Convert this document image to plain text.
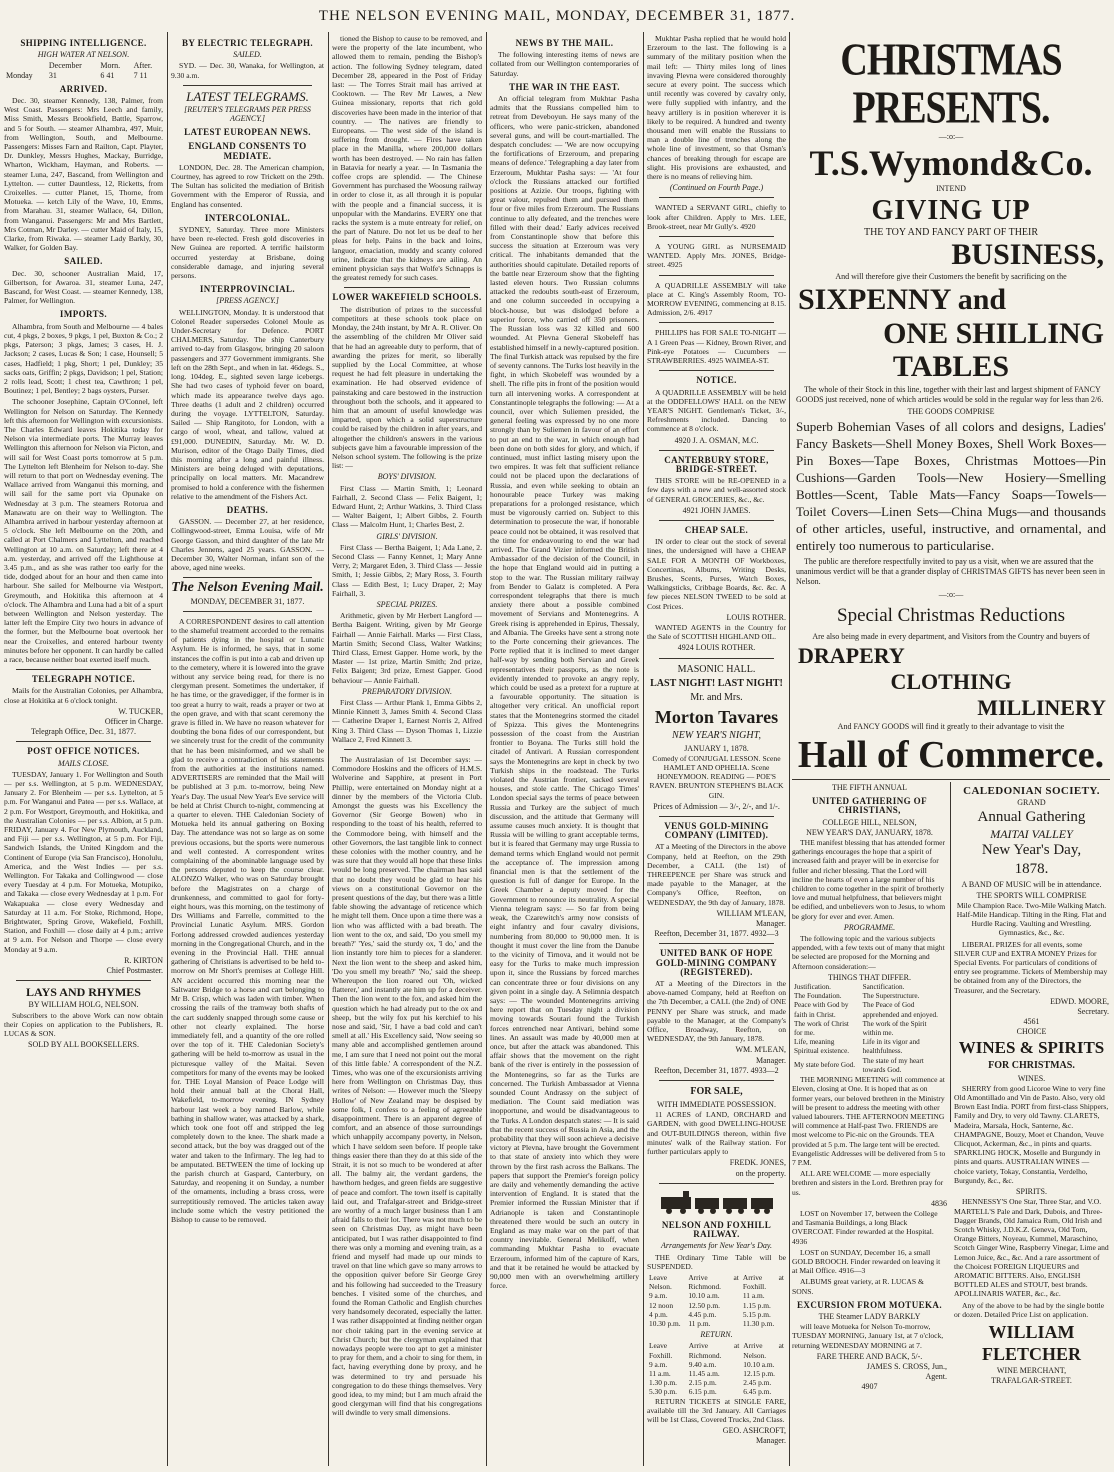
THE NELSON EVENING MAIL, MONDAY, DECEMBER 31, 1877.
SHIPPING INTELLIGENCE.
HIGH WATER AT NELSON.
	December	Morn.	After.
Monday	31	6 41	7 11
ARRIVED.

Dec. 30, steamer Kennedy, 138, Palmer, from West Coast. Passengers: Mrs Leech and family, Miss Smith, Messrs Brookfield, Battle, Sparrow, and 5 for South. — steamer Alhambra, 497, Muir, from Wellington, South, and Melbourne. Passengers: Misses Farn and Railton, Capt. Playter, Dr. Dunkley, Messrs Hughes, Mackay, Burridge, Wharton, Wickham, Hayman, and Roberts. — steamer Luna, 247, Bascand, from Wellington and Lyttelton. — cutter Dauntless, 12, Ricketts, from Croixelles. — cutter Planet, 15, Thorne, from Motueka. — ketch Lily of the Wave, 10, Emms, from Marahau. 31, steamer Wallace, 64, Dillon, from Wanganui. Passengers: Mr and Mrs Bartlett, Mrs Cotman, Mr Darley. — cutter Maid of Italy, 15, Clarke, from Riwaka. — steamer Lady Barkly, 30, Walker, for Golden Bay.

SAILED.

Dec. 30, schooner Australian Maid, 17, Gilbertson, for Awaroa. 31, steamer Luna, 247, Bascand, for West Coast. — steamer Kennedy, 138, Palmer, for Wellington.

IMPORTS.

Alhambra, from South and Melbourne — 4 bales cut, 4 pkgs, 2 boxes, 9 pkgs, 1 pel, Buxton & Co.; 2 pkgs, Paterson; 3 pkgs, James; 3 cases, H. J. Jackson; 2 cases, Lucas & Son; 1 case, Hounsell; 5 cases, Hadfield; 1 pkg, Short; 1 pel, Dunkley; 35 sacks oats, Griffin; 2 pkgs, Davidson; 1 pel, Station; 2 rolls lead, Scott; 1 chest tea, Cawthron; 1 pel, Boutinez; 1 pel, Bentley; 2 bags oysters, Purser.

The schooner Josephine, Captain O'Connel, left Wellington for Nelson on Saturday. The Kennedy left this afternoon for Wellington with excursionists. The Charles Edward leaves Hokitika today for Nelson via intermediate ports. The Murray leaves Wellington this afternoon for Nelson via Picton, and will sail for West Coast ports tomorrow at 5 p.m. The Lyttelton left Blenheim for Nelson to-day. She will return to that port on Wednesday evening. The Wallace arrived from Wanganui this morning, and will sail for the same port via Opunake on Wednesday at 3 p.m. The steamers Rotorua and Manawatu are on their way to Wellington. The Alhambra arrived in harbour yesterday afternoon at 5 o'clock. She left Melbourne on the 20th, and called at Port Chalmers and Lyttelton, and reached Wellington at 10 a.m. on Saturday; left there at 4 a.m. yesterday, and arrived off the Lighthouse at 3.45 p.m., and as she was rather too early for the tide, dodged about for an hour and then came into harbour. She sailed for Melbourne via Westport, Greymouth, and Hokitika this afternoon at 4 o'clock. The Alhambra and Luna had a bit of a spurt between Wellington and Nelson yesterday. The latter left the Empire City two hours in advance of the former, but the Melbourne boat overtook her near the Croixelles, and entered harbour twenty minutes before her opponent. It can hardly be called a race, because neither boat exerted itself much.

TELEGRAPH NOTICE.

Mails for the Australian Colonies, per Alhambra, close at Hokitika at 6 o'clock tonight.

W. TUCKER,
Officer in Charge.
Telegraph Office, Dec. 31, 1877.
POST OFFICE NOTICES.
MAILS CLOSE.

TUESDAY, January 1. For Wellington and South — per s.s. Wellington, at 5 p.m. WEDNESDAY, January 2. For Blenheim — per s.s. Lyttelton, at 5 p.m. For Wanganui and Patea — per s.s. Wallace, at 2 p.m. For Westport, Greymouth, and Hokitika, and the Australian Colonies — per s.s. Albion, at 5 p.m. FRIDAY, January 4. For New Plymouth, Auckland, and Fiji — per s.s. Wellington, at 5 p.m. For Fiji, Sandwich Islands, the United Kingdom and the Continent of Europe (via San Francisco), Honolulu, America, and the West Indies — per s.s. Wellington. For Takaka and Collingwood — close every Tuesday at 4 p.m. For Motueka, Motupiko, and Takaka — close every Wednesday at 1 p.m. For Wakapuaka — close every Wednesday and Saturday at 11 a.m. For Stoke, Richmond, Hope, Brightwater, Spring Grove, Wakefield, Foxhill, Station, and Foxhill — close daily at 4 p.m.; arrive at 9 a.m. For Nelson and Thorpe — close every Monday at 9 a.m.

R. KIRTON
Chief Postmaster.
LAYS AND RHYMES
BY WILLIAM HOLG, NELSON.

Subscribers to the above Work can now obtain their Copies on application to the Publishers, R. LUCAS & SON.

SOLD BY ALL BOOKSELLERS.
BY ELECTRIC TELEGRAPH.
SAILED.

SYD. — Dec. 30, Wanaka, for Wellington, at 9.30 a.m.

LATEST TELEGRAMS.
[REUTER'S TELEGRAMS PER PRESS AGENCY.]
LATEST EUROPEAN NEWS.
ENGLAND CONSENTS TO MEDIATE.

LONDON, Dec. 28. The American champion, Courtney, has agreed to row Trickett on the 29th. The Sultan has solicited the mediation of British Government with the Emperor of Russia, and England has consented.

INTERCOLONIAL.

SYDNEY, Saturday. Three more Ministers have been re-elected. Fresh gold discoveries in New Guinea are reported. A terrific hailstorm occurred yesterday at Brisbane, doing considerable damage, and injuring several persons.

INTERPROVINCIAL.
[PRESS AGENCY.]

WELLINGTON, Monday. It is understood that Colonel Reader supersedes Colonel Moule as Under-Secretary for Defence. PORT CHALMERS, Saturday. The ship Canterbury arrived to-day from Glasgow, bringing 20 saloon passengers and 377 Government immigrants. She left on the 28th Sept., and when in lat. 46degs. S., long. 104deg. E., sighted seven large icebergs. She had two cases of typhoid fever on board, which made its appearance twelve days ago. Three deaths (1 adult and 2 children) occurred during the voyage. LYTTELTON, Saturday. Sailed — Ship Rangitoto, for London, with a cargo of wool, wheat, and tallow, valued at £91,000. DUNEDIN, Saturday. Mr. W. D. Murison, editor of the Otago Daily Times, died this morning after a long and painful illness. Ministers are being deluged with deputations, principally on local matters. Mr. Macandrew promised to hold a conference with the fishermen relative to the amendment of the Fishers Act.

DEATHS.

GASSON. — December 27, at her residence, Collingwood-street, Emma Louisa, wife of Mr George Gasson, and third daughter of the late Mr Charles Jennens, aged 25 years. GASSON. — December 30, Walter Norman, infant son of the above, aged nine weeks.

The Nelson Evening Mail.
MONDAY, DECEMBER 31, 1877.

A CORRESPONDENT desires to call attention to the shameful treatment accorded to the remains of patients dying in the hospital or Lunatic Asylum. He is informed, he says, that in some instances the coffin is put into a cab and driven up to the cemetery, where it is lowered into the grave without any service being read, for there is no clergyman present. Sometimes the undertaker, if he has time, or the gravedigger, if the former is in too great a hurry to wait, reads a prayer or two at the open grave, and with that scant ceremony the grave is filled in. We have no reason whatever for doubting the bona fides of our correspondent, but we sincerely trust for the credit of the community that he has been misinformed, and we shall be glad to receive a contradiction of his statements from the authorities at the institutions named. ADVERTISERS are reminded that the Mail will be published at 3 p.m. to-morrow, being New Year's Day. The usual New Year's Eve service will be held at Christ Church to-night, commencing at a quarter to eleven. THE Caledonian Society of Motueka held its annual gathering on Boxing Day. The attendance was not so large as on some previous occasions, but the sports were numerous and well contested. A correspondent writes complaining of the abominable language used by the persons deputed to keep the course clear. ALONZO Walker, who was on Saturday brought before the Magistrates on a charge of drunkenness, and committed to gaol for forty-eight hours, was this morning, on the testimony of Drs Williams and Farrelle, committed to the Provincial Lunatic Asylum. MRS. Gordon Forlong addressed crowded audiences yesterday morning in the Congregational Church, and in the evening in the Provincial Hall. THE annual gathering of Christians is advertised to be held to-morrow on Mr Short's premises at College Hill. AN accident occurred this morning near the Saltwater Bridge to a horse and cart belonging to Mr B. Crisp, which was laden with timber. When crossing the rails of the tramway both shafts of the cart suddenly snapped through some cause or other not clearly explained. The horse immediately fell, and a quantity of the ore rolled over the top of it. THE Caledonian Society's gathering will be held to-morrow as usual in the picturesque valley of the Maitai. Seven competitors for many of the events may be looked for. THE Loyal Mansion of Peace Lodge will hold their annual ball at the Choral Hall, Wakefield, to-morrow evening. IN Sydney harbour last week a boy named Barlow, while bathing in shallow water, was attacked by a shark, which took one foot off and stripped the leg completely down to the knee. The shark made a second attack, but the boy was dragged out of the water and taken to the Infirmary. The leg had to be amputated. BETWEEN the time of locking up the parish church at Gaspard, Canterbury, on Saturday, and reopening it on Sunday, a number of the ornaments, including a brass cross, were surreptitiously removed. The articles taken away include some which the vestry petitioned the Bishop to cause to be removed.

tioned the Bishop to cause to be removed, and were the property of the late incumbent, who allowed them to remain, pending the Bishop's action. The following Sydney telegram, dated December 28, appeared in the Post of Friday last: — The Torres Strait mail has arrived at Cooktown. — The Rev Mr Lawes, a New Guinea missionary, reports that rich gold discoveries have been made in the interior of that country. — The natives are friendly to Europeans. — The west side of the island is suffering from drought. — Fires have taken place in the Manilla, where 200,000 dollars worth has been destroyed. — No rain has fallen in Batavia for nearly a year. — In Tasmania the coffee crops are splendid. — The Chinese Government has purchased the Woosung railway in order to close it, as all through it is popular with the people and a financial success, it is unpopular with the Mandarins. EVERY one that racks the system is a mute entreaty for relief, on the part of Nature. Do not let us be deaf to her pleas for help. Pains in the back and loins, languor, emaciation, muddy and scanty colored urine, indicate that the kidneys are ailing. An eminent physician says that Wolfe's Schnapps is the greatest remedy for such cases.

LOWER WAKEFIELD SCHOOLS.

The distribution of prizes to the successful competitors at these schools took place on Monday, the 24th instant, by Mr A. R. Oliver. On the assembling of the children Mr Oliver said that he had an agreeable duty to perform, that of awarding the prizes for merit, so liberally supplied by the Local Committee, at whose request he had felt pleasure in undertaking the examination. He had observed evidence of painstaking and care bestowed in the instruction throughout both the schools, and it appeared to him that an amount of useful knowledge was imparted, upon which a solid superstructure could be raised by the children in after years, and altogether the children's answers in the various subjects gave him a favourable impression of the Nelson school system. The following is the prize list: —

BOYS' DIVISION.

First Class — Martin Smith, 1; Leonard Fairhall, 2. Second Class — Felix Baigent, 1; Edward Hunt, 2; Arthur Watkins, 3. Third Class — Walter Baigent, 1; Albert Gibbs, 2. Fourth Class — Malcolm Hunt, 1; Charles Best, 2.

GIRLS' DIVISION.

First Class — Bertha Baigent, 1; Ada Lane, 2. Second Class — Fanny Kennet, 1; Mary Anne Verry, 2; Margaret Eden, 3. Third Class — Jessie Smith, 1; Jessie Gibbs, 2; Mary Ross, 3. Fourth Class — Edith Best, 1; Lucy Draper, 2; May Fairhall, 3.

SPECIAL PRIZES.

Arithmetic, given by Mr Herbert Langford — Bertha Baigent. Writing, given by Mr George Fairhall — Annie Fairhall. Marks — First Class, Martin Smith; Second Class, Walter Watkins; Third Class, Ernest Gapper. Home work, by the Master — 1st prize, Martin Smith; 2nd prize, Felix Baigent; 3rd prize, Ernest Gapper. Good behaviour — Annie Fairhall.

PREPARATORY DIVISION.

First Class — Arthur Plank 1, Emma Gibbs 2, Minnie Kinnett 3, James Smith 4. Second Class — Catherine Draper 1, Earnest Norris 2, Alfred King 3. Third Class — Dyson Thomas 1, Lizzie Wallace 2, Fred Kinnett 3.

The Australasian of 1st December says: — Commodore Hoskins and the officers of H.M.S. Wolverine and Sapphire, at present in Port Phillip, were entertained on Monday night at a dinner by the members of the Victoria Club. Amongst the guests was his Excellency the Governor (Sir George Bowen) who in responding to the toast of his health, referred to the Commodore being, with himself and the other Governors, the last tangible link to connect these colonies with the mother country, and he was sure that they would all hope that these links would be long preserved. The chairman has said that no doubt they would be glad to hear his views on a constitutional Governor on the present questions of the day, but there was a little fable showing the advantage of reticence which he might tell them. Once upon a time there was a lion who was afflicted with a bad breath. The lion went to the ox, and said, 'Do you smell my breath?' 'Yes,' said the sturdy ox, 'I do,' and the lion instantly tore him to pieces for a slanderer. Next the lion went to the sheep and asked him, 'Do you smell my breath?' 'No,' said the sheep. Whereupon the lion roared out 'Oh, wicked flatterer,' and instantly ate him up for a deceiver. Then the lion went to the fox, and asked him the question which he had already put to the ox and sheep, but the wily fox put his kerchief to his nose and said, 'Sir, I have a bad cold and can't smell at all.' His Excellency said, 'Now seeing so many able and accomplished gentlemen around me, I am sure that I need not point out the moral of this little fable.' A correspondent of the N.Z. Times, who was one of the excursionists arriving here from Wellington on Christmas Day, thus writes of Nelson: — However much the 'Sleepy Hollow' of New Zealand may be despised by some folk, I confess to a feeling of agreeable disappointment. There is an apparent degree of comfort, and an absence of those surroundings which unhappily accompany poverty, in Nelson, which I have seldom seen before. If people take things easier there than they do at this side of the Strait, it is not so much to be wondered at after all. The balmy air, the verdant gardens, the hawthorn hedges, and green fields are suggestive of peace and comfort. The town itself is capitally laid out, and Trafalgar-street and Bridge-street are worthy of a much larger business than I am afraid falls to their lot. There was not much to be seen on Christmas Day, as might have been anticipated, but I was rather disappointed to find there was only a morning and evening train, as a friend and myself had made up our minds to travel on that line which gave so many arrows to the opposition quiver before Sir George Grey and his following had succeeded to the Treasury benches. I visited some of the churches, and found the Roman Catholic and English churches very handsomely decorated, especially the latter. I was rather disappointed at finding neither organ nor choir taking part in the evening service at Christ Church; but the clergyman explained that nowadays people were too apt to get a minister to pray for them, and a choir to sing for them, in fact, having everything done by proxy, and he was determined to try and persuade his congregation to do these things themselves. Very good idea, to my mind; but I am much afraid the good clergyman will find that his congregations will dwindle to very small dimensions.

NEWS BY THE MAIL.

The following interesting items of news are collated from our Wellington contemporaries of Saturday.

THE WAR IN THE EAST.

An official telegram from Mukhtar Pasha admits that the Russians compelled him to retreat from Deveboyun. He says many of the officers, who were panic-stricken, abandoned several guns, and will be court-martialled. The despatch concludes: — 'We are now occupying the fortifications of Erzeroum, and preparing means of defence.' Telegraphing a day later from Erzeroum, Mukhtar Pasha says: — 'At four o'clock the Russians attacked our fortified positions at Azizie. Our troops, fighting with great valour, repulsed them and pursued them four or five miles from Erzeroum. The Russians continue to ally defeated, and the trenches were filled with their dead.' Early advices received from Constantinople show that before this success the situation at Erzeroum was very critical. The inhabitants demanded that the authorities should capitulate. Detailed reports of the battle near Erzeroum show that the fighting lasted eleven hours. Two Russian columns attacked the redoubts south-east of Erzeroum, and one column succeeded in occupying a block-house, but was dislodged before a superior force, who carried off 350 prisoners. The Russian loss was 32 killed and 600 wounded. At Plevna General Skobeleff has established himself in a newly-captured position. The final Turkish attack was repulsed by the fire of seventy cannons. The Turks lost heavily in the fight, in which Skobeleff was wounded by a shell. The rifle pits in front of the position would turn all intervening works. A correspondent at Constantinople telegraphs the following: — At a council, over which Suliemen presided, the general feeling was expressed by no one more strongly than by Suliemen in favour of an effort to put an end to the war, in which enough had been done on both sides for glory, and which, if continued, must inflict lasting misery upon the two empires. It was felt that sufficient reliance could not be placed upon the declarations of Russia, and even while seeking to obtain an honourable peace Turkey was making preparations for a prolonged resistance, which must be vigorously carried on. Subject to this determination to prosecute the war, if honorable peace could not be obtained, it was resolved that the time for endeavouring to end the war had arrived. The Grand Vizier informed the British Ambassador of the decision of the Council, in the hope that England would aid in putting a stop to the war. The Russian military railway from Bender to Galatz is completed. A Pera correspondent telegraphs that there is much anxiety there about a possible combined movement of Servians and Montenegrins. A Greek rising is apprehended in Epirus, Thessaly, and Albania. The Greeks have sent a strong note to the Porte concerning their grievances. The Porte replied that it is inclined to meet danger half-way by sending both Servian and Greek representatives their passports, as the note is evidently intended to provoke an angry reply, which could be used as a pretext for a rupture at a favourable opportunity. The situation is altogether very critical. An unofficial report states that the Montenegrins stormed the citadel of Spizza. This gives the Montenegrins possession of the coast from the Austrian frontier to Boyana. The Turks still hold the citadel of Antivari. A Russian correspondent says the Montenegrins are kept in check by two Turkish ships in the roadstead. The Turks violated the Austrian frontier, sacked several houses, and stole cattle. The Chicago Times' London special says the terms of peace between Russia and Turkey are the subject of much discussion, and the attitude that Germany will assume causes much anxiety. It is thought that Russia will be willing to grant acceptable terms, but it is feared that Germany may urge Russia to demand terms which England would not permit the acceptance of. The impression among financial men is that the settlement of the question is full of danger for Europe. In the Greek Chamber a deputy moved for the Government to renounce its neutrality. A special Vienna telegram says: — So far from being weak, the Czarewitch's army now consists of eight infantry and four cavalry divisions, numbering from 80,000 to 90,000 men. It is thought it must cover the line from the Danube to the vicinity of Tirnova, and it would not be easy for the Turks to make much impression upon it, since the Russians by forced marches can concentrate three or four divisions on any given point in a single day. A Selimnia despatch says: — The wounded Montenegrins arriving here report that on Tuesday night a division moving towards Soutari found the Turkish forces entrenched near Antivari, behind some lines. An assault was made by 40,000 men at once, but after the attack was abandoned. This affair shows that the movement on the right bank of the river is entirely in the possession of the Montenegrins, so far as the Turks are concerned. The Turkish Ambassador at Vienna sounded Count Andrassy on the subject of mediation. The Count said mediation was inopportune, and would be disadvantageous to the Turks. A London despatch states: — It is said that the recent success of Russia in Asia, and the probability that they will soon achieve a decisive victory at Plevna, have brought the Government to that state of anxiety into which they were thrown by the first rash across the Balkans. The papers that support the Premier's foreign policy are daily and vehemently demanding the active intervention of England. It is stated that the Premier informed the Russian Minister that if Adrianople is taken and Constantinople threatened there would be such an outcry in England as may make war on the part of that country inevitable. General Melikoff, when commanding Mukhtar Pasha to evacuate Erzeroum, informed him of the capture of Kars, and that it be retained he would be attacked by 90,000 men with an overwhelming artillery force.

Mukhtar Pasha replied that he would hold Erzeroum to the last. The following is a summary of the military position when the mail left: — Thirty miles long of lines invaving Plevna were considered thoroughly secure at every point. The success which until recently was covered by cavalry only, were fully supplied with infantry, and the heavy artillery is in position wherever it is likely to be required. A hundred and twenty thousand men will enable the Russians to man a double line of trenches along the whole line of investment, so that Osman's chances of breaking through for escape are slight. His provisions are exhausted, and there is no means of relieving him.

(Continued on Fourth Page.)

WANTED a SERVANT GIRL, chiefly to look after Children. Apply to Mrs. LEE, Brook-street, near Mr Gully's. 4920

A YOUNG GIRL as NURSEMAID WANTED. Apply Mrs. JONES, Bridge-street. 4925

A QUADRILLE ASSEMBLY will take place at C. King's Assembly Room, TO-MORROW EVENING, commencing at 8.15. Admission, 2/6. 4917

PHILLIPS has FOR SALE TO-NIGHT — A 1 Green Peas — Kidney, Brown River, and Pink-eye Potatoes — Cucumbers — STRAWBERRIES. 4925 WAIMEA-ST.

NOTICE.

A QUADRILLE ASSEMBLY will be held at the ODDFELLOWS' HALL on the NEW YEAR'S NIGHT. Gentleman's Ticket, 3/-, Refreshments included. Dancing to commence at 8 o'clock.

4920 J. A. OSMAN, M.C.
CANTERBURY STORE, BRIDGE-STREET.

THIS STORE will be RE-OPENED in a few days with a new and well-assorted stock of GENERAL GROCERIES, &c., &c.

4921 JOHN JAMES.
CHEAP SALE.

IN order to clear out the stock of several lines, the undersigned will have a CHEAP SALE FOR A MONTH OF Workboxes, Concertinas, Albums, Writing Desks, Brushes, Scents, Purses, Watch Boxes, Walkingsticks, Cribbage Boards, &c. &c. A few pieces NELSON TWEED to be sold at Cost Prices.

LOUIS ROTHER.

WANTED AGENTS in the Country for the Sale of SCOTTISH HIGHLAND OIL.

4924 LOUIS ROTHER.
MASONIC HALL.
LAST NIGHT! LAST NIGHT!
Mr. and Mrs.
Morton Tavares
NEW YEAR'S NIGHT,
JANUARY 1, 1878.

Comedy of CONJUGAL LESSON. Scene HAMLET AND OPHELIA. Scene HONEYMOON. READING — POE'S RAVEN. BRUNTON STEPHEN'S BLACK GIN.

Prices of Admission — 3/-, 2/-, and 1/-.
VENUS GOLD-MINING COMPANY (LIMITED).

AT a Meeting of the Directors in the above Company, held at Reefton, on the 29th December, a CALL (the 1st) of THREEPENCE per Share was struck and made payable to the Manager, at the Company's Office, Reefton, on WEDNESDAY, the 9th day of January, 1878.

WILLIAM M'LEAN,
Manager.
Reefton, December 31, 1877. 4932—3
UNITED BANK OF HOPE GOLD-MINING COMPANY (REGISTERED).

AT a Meeting of the Directors in the above-named Company, held at Reefton on the 7th December, a CALL (the 2nd) of ONE PENNY per Share was struck, and made payable to the Manager, at the Company's Office, Broadway, Reefton, on WEDNESDAY, the 9th January, 1878.

WM. M'LEAN,
Manager.
Reefton, December 31, 1877. 4933—2
FOR SALE,
WITH IMMEDIATE POSSESSION.

11 ACRES of LAND, ORCHARD and GARDEN, with good DWELLING-HOUSE and OUT-BUILDINGS thereon, within five minutes' walk of the Railway station. For further particulars apply to

FREDK. JONES,
on the property.
NELSON AND FOXHILL RAILWAY.
Arrangements for New Year's Day.

THE Ordinary Time Table will be SUSPENDED.

Leave Nelson.	Arrive at Richmond.	Arrive at Foxhill.
9 a.m.	10.10 a.m.	11 a.m.
12 noon	12.50 p.m.	1.15 p.m.
4 p.m.	4.45 p.m.	5.15 p.m.
10.30 p.m.	11 p.m.	11.30 p.m.
RETURN.
Leave Foxhill.	Arrive at Richmond.	Arrive at Nelson.
9 a.m.	9.40 a.m.	10.10 a.m.
11 a.m.	11.45 a.m.	12.15 p.m.
1.30 p.m.	2.15 p.m.	2.45 p.m.
5.30 p.m.	6.15 p.m.	6.45 p.m.

RETURN TICKETS at SINGLE FARE, available till the 3rd January. All Carriages will be 1st Class, Covered Trucks, 2nd Class.

GEO. ASHCROFT,
Manager.
CHRISTMAS PRESENTS.
—:o:—
T.S.Wymond&Co.
INTEND
GIVING UP
THE TOY AND FANCY PART OF THEIR
BUSINESS,
And will therefore give their Customers the benefit by sacrificing on the
SIXPENNY and
ONE SHILLING
TABLES

The whole of their Stock in this line, together with their last and largest shipment of FANCY GOODS just received, none of which articles would be sold in the regular way for less than 2/6.

THE GOODS COMPRISE
Superb Bohemian Vases of all colors and designs, Ladies' Fancy Baskets—Shell Money Boxes, Shell Work Boxes—Pin Boxes—Tape Boxes, Christmas Mottoes—Pin Cushions—Garden Tools—New Hosiery—Smelling Bottles—Scent, Table Mats—Fancy Soaps—Towels—Toilet Covers—Linen Sets—China Mugs—and thousands of other articles, useful, instructive, and ornamental, and entirely too numerous to particularise.

The public are therefore respectfully invited to pay us a visit, when we are assured that the unanimous verdict will be that a grander display of CHRISTMAS GIFTS has never been seen in Nelson.

—:o:—
Special Christmas Reductions
Are also being made in every department, and Visitors from the Country and buyers of
DRAPERY
CLOTHING
MILLINERY
And FANCY GOODS will find it greatly to their advantage to visit the
Hall of Commerce.
THE FIFTH ANNUAL
UNITED GATHERING OF CHRISTIANS,
COLLEGE HILL, NELSON,
NEW YEAR'S DAY, JANUARY, 1878.

THE manifest blessing that has attended former gatherings encourages the hope that a spirit of increased faith and prayer will be in exercise for fuller and richer blessing. That the Lord will incline the hearts of even a large number of his children to come together in the spirit of brotherly love and mutual helpfulness, that believers might be edified, and unbelievers won to Jesus, to whom be glory for ever and ever. Amen.

PROGRAMME.

The following topic and the various subjects appended, with a few texts out of many that might be selected are proposed for the Morning and Afternoon consideration:—

THINGS THAT DIFFER.
Justification.	Sanctification.
The Foundation.	The Superstructure.
Peace with God by faith in Christ.	The Peace of God apprehended and enjoyed.
The work of Christ for me.	The work of the Spirit within me.
Life, meaning Spiritual existence.	Life in its vigor and healthfulness.
My state before God.	The state of my heart towards God.

THE MORNING MEETING will commence at Eleven, closing at One. It is hoped that as on former years, our beloved brethren in the Ministry will be present to address the meeting with other valued labourers. THE AFTERNOON MEETING will commence at Half-past Two. FRIENDS are most welcome to Pic-nic on the Grounds. TEA provided at 5 p.m. The large tent will be erected. Evangelistic Addresses will be delivered from 5 to 7 P.M.

ALL ARE WELCOME — more especially brethren and sisters in the Lord. Brethren pray for us.

4836

LOST on November 17, between the College and Tasmania Buildings, a long Black OVERCOAT. Finder rewarded at the Hospital. 4936

LOST on SUNDAY, December 16, a small GOLD BROOCH. Finder rewarded on leaving it at Mail Office. 4916—3

ALBUMS great variety, at R. LUCAS & SONS.

EXCURSION FROM MOTUEKA.
THE Steamer LADY BARKLY

will leave Motueka for Nelson To-morrow, TUESDAY MORNING, January 1st, at 7 o'clock, returning WEDNESDAY MORNING at 7.

FARE THERE AND BACK, 5/-.
JAMES S. CROSS, Jun.,
Agent.
4907
CALEDONIAN SOCIETY.
GRAND
Annual Gathering
MAITAI VALLEY
New Year's Day,
1878.
A BAND OF MUSIC will be in attendance.
THE SPORTS WILL COMPRISE

Mile Champion Race. Two-Mile Walking Match. Half-Mile Handicap. Tilting in the Ring. Flat and Hurdle Racing. Vaulting and Wrestling. Gymnastics, &c., &c.

LIBERAL PRIZES for all events, some SILVER CUP and EXTRA MONEY Prizes for Special Events. For particulars of conditions of entry see programme. Tickets of Membership may be obtained from any of the Directors, the Treasurer, and the Secretary.

EDWD. MOORE,
Secretary.
4561
CHOICE
WINES & SPIRITS
FOR CHRISTMAS.
WINES.

SHERRY from good Licoroe Wine to very fine Old Amontillado and Vin de Pasto. Also, very old Brown East India. PORT from first-class Shippers, Family and Dry, to very old Tawny. CLARETS, Madeira, Marsala, Hock, Santerne, &c. CHAMPAGNE, Bouzy, Moet et Chandon, Veuve Clicquot, Ackerman, &c., in pints and quarts. SPARKLING HOCK, Moselle and Burgundy in pints and quarts. AUSTRALIAN WINES — choice variety, Tokay, Constantia, Verdelho, Burgundy, &c., &c.

SPIRITS.

HENNESSY'S One Star, Three Star, and V.O. MARTELL'S Pale and Dark, Dubois, and Three-Dagger Brands, Old Jamaica Rum, Old Irish and Scotch Whisky, J.D.K.Z. Geneva, Old Tom, Orange Bitters, Noyeau, Kummel, Maraschino, Scotch Ginger Wine, Raspberry Vinegar, Lime and Lemon Juice, &c., &c. And a rare assortment of the Choicest FOREIGN LIQUEURS and AROMATIC BITTERS. Also, ENGLISH BOTTLED ALES and STOUT, best brands. APOLLINARIS WATER, &c., &c.

Any of the above to be had by the single bottle or dozen. Detailed Price List on application.

WILLIAM FLETCHER
WINE MERCHANT,
TRAFALGAR-STREET.
